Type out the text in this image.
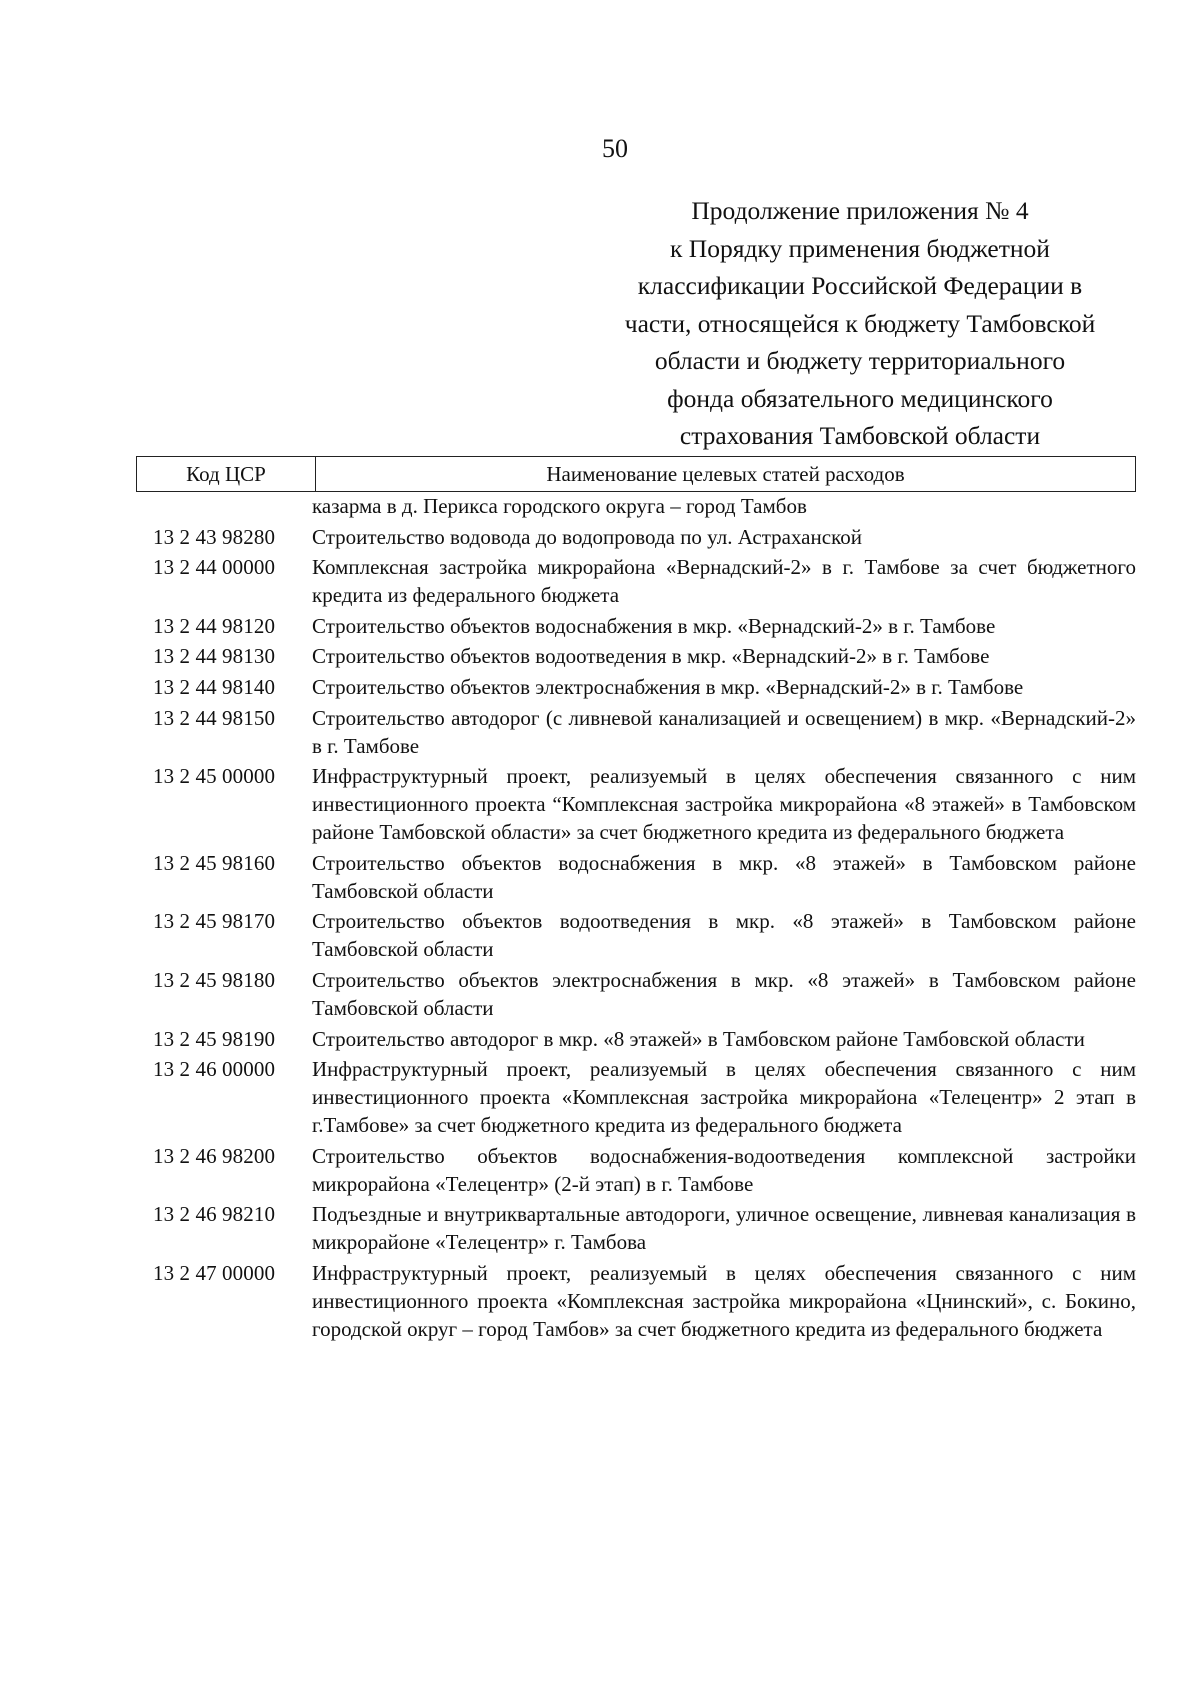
50
Продолжение приложения № 4
к Порядку применения бюджетной
классификации Российской Федерации в
части, относящейся к бюджету Тамбовской
области и бюджету территориального
фонда обязательного медицинского
страхования Тамбовской области
Код ЦСР	Наименование целевых статей расходов
казарма в д. Перикса городского округа – город Тамбов
13 2 43 98280	Строительство водовода до водопровода по ул. Астраханской
13 2 44 00000	Комплексная застройка микрорайона «Вернадский-2» в г. Тамбове за счет бюджетного кредита из федерального бюджета
13 2 44 98120	Строительство объектов водоснабжения в мкр. «Вернадский-2» в г. Тамбове
13 2 44 98130	Строительство объектов водоотведения в мкр. «Вернадский-2» в г. Тамбове
13 2 44 98140	Строительство объектов электроснабжения в мкр. «Вернадский-2» в г. Тамбове
13 2 44 98150	Строительство автодорог (с ливневой канализацией и освещением) в мкр. «Вернадский-2» в г. Тамбове
13 2 45 00000	Инфраструктурный проект, реализуемый в целях обеспечения связанного с ним инвестиционного проекта “Комплексная застройка микрорайона «8 этажей» в Тамбовском районе Тамбовской области» за счет бюджетного кредита из федерального бюджета
13 2 45 98160	Строительство объектов водоснабжения в мкр. «8 этажей» в Тамбовском районе Тамбовской области
13 2 45 98170	Строительство объектов водоотведения в мкр. «8 этажей» в Тамбовском районе Тамбовской области
13 2 45 98180	Строительство объектов электроснабжения в мкр. «8 этажей» в Тамбовском районе Тамбовской области
13 2 45 98190	Строительство автодорог в мкр. «8 этажей» в Тамбовском районе Тамбовской области
13 2 46 00000	Инфраструктурный проект, реализуемый в целях обеспечения связанного с ним инвестиционного проекта «Комплексная застройка микрорайона «Телецентр» 2 этап в г.Тамбове» за счет бюджетного кредита из федерального бюджета
13 2 46 98200	Строительство объектов водоснабжения-водоотведения комплексной застройки микрорайона «Телецентр» (2-й этап) в г. Тамбове
13 2 46 98210	Подъездные и внутриквартальные автодороги, уличное освещение, ливневая канализация в микрорайоне «Телецентр» г. Тамбова
13 2 47 00000	Инфраструктурный проект, реализуемый в целях обеспечения связанного с ним инвестиционного проекта «Комплексная застройка микрорайона «Цнинский», с. Бокино, городской округ – город Тамбов» за счет бюджетного кредита из федерального бюджета
